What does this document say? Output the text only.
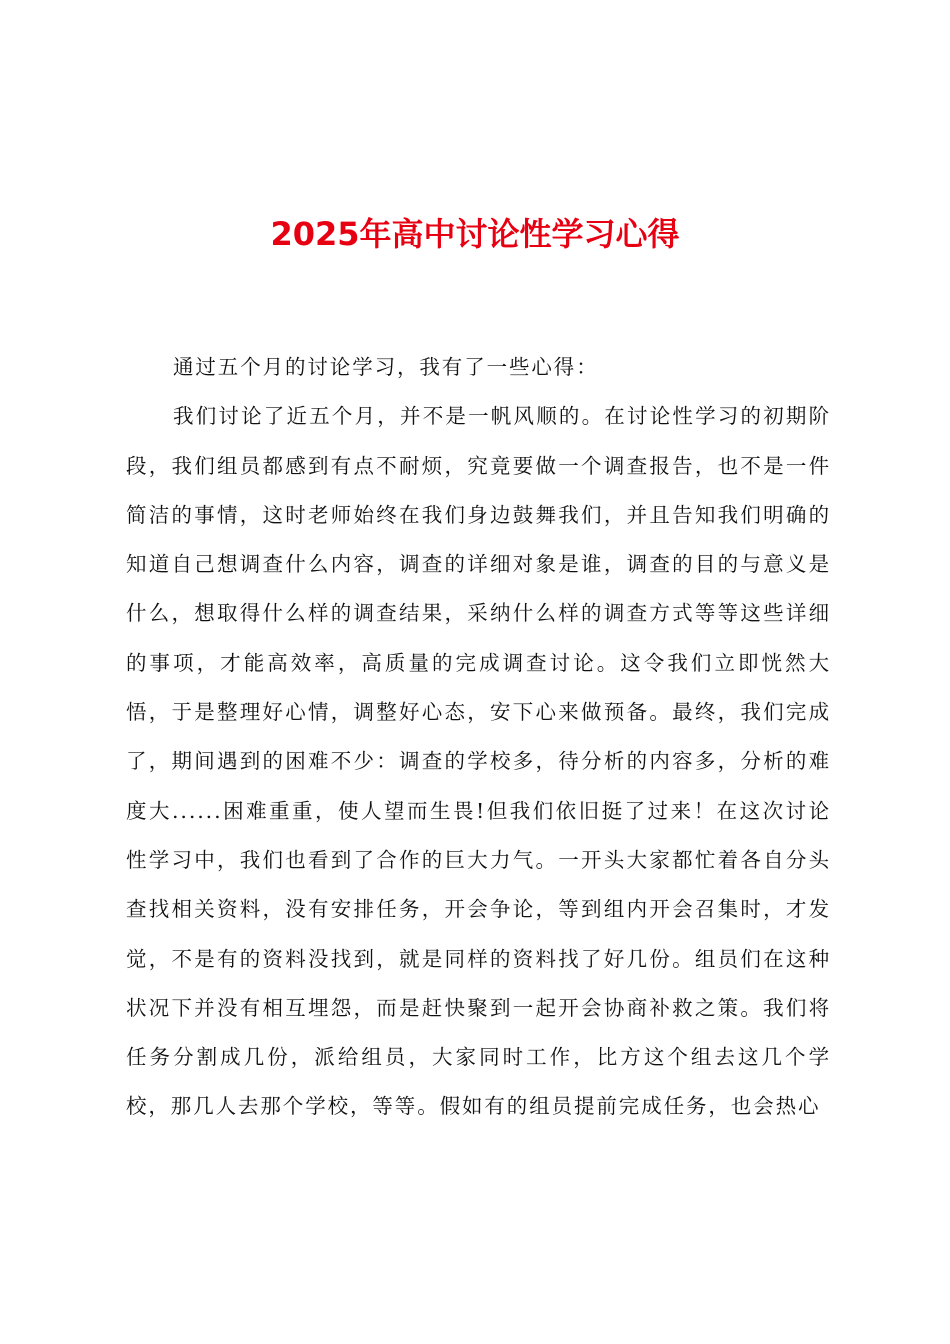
2025年高中讨论性学习心得

通过五个月的讨论学习，我有了一些心得：

我们讨论了近五个月，并不是一帆风顺的。在讨论性学习的初期阶段，我们组员都感到有点不耐烦，究竟要做一个调查报告，也不是一件简洁的事情，这时老师始终在我们身边鼓舞我们，并且告知我们明确的知道自己想调查什么内容，调查的详细对象是谁，调查的目的与意义是什么，想取得什么样的调查结果，采纳什么样的调查方式等等这些详细的事项，才能高效率，高质量的完成调查讨论。这令我们立即恍然大悟，于是整理好心情，调整好心态，安下心来做预备。最终，我们完成了，期间遇到的困难不少：调查的学校多，待分析的内容多，分析的难度大......困难重重，使人望而生畏!但我们依旧挺了过来！在这次讨论性学习中，我们也看到了合作的巨大力气。一开头大家都忙着各自分头查找相关资料，没有安排任务，开会争论，等到组内开会召集时，才发觉，不是有的资料没找到，就是同样的资料找了好几份。组员们在这种状况下并没有相互埋怨，而是赶快聚到一起开会协商补救之策。我们将任务分割成几份，派给组员，大家同时工作，比方这个组去这几个学校，那几人去那个学校，等等。假如有的组员提前完成任务，也会热心
